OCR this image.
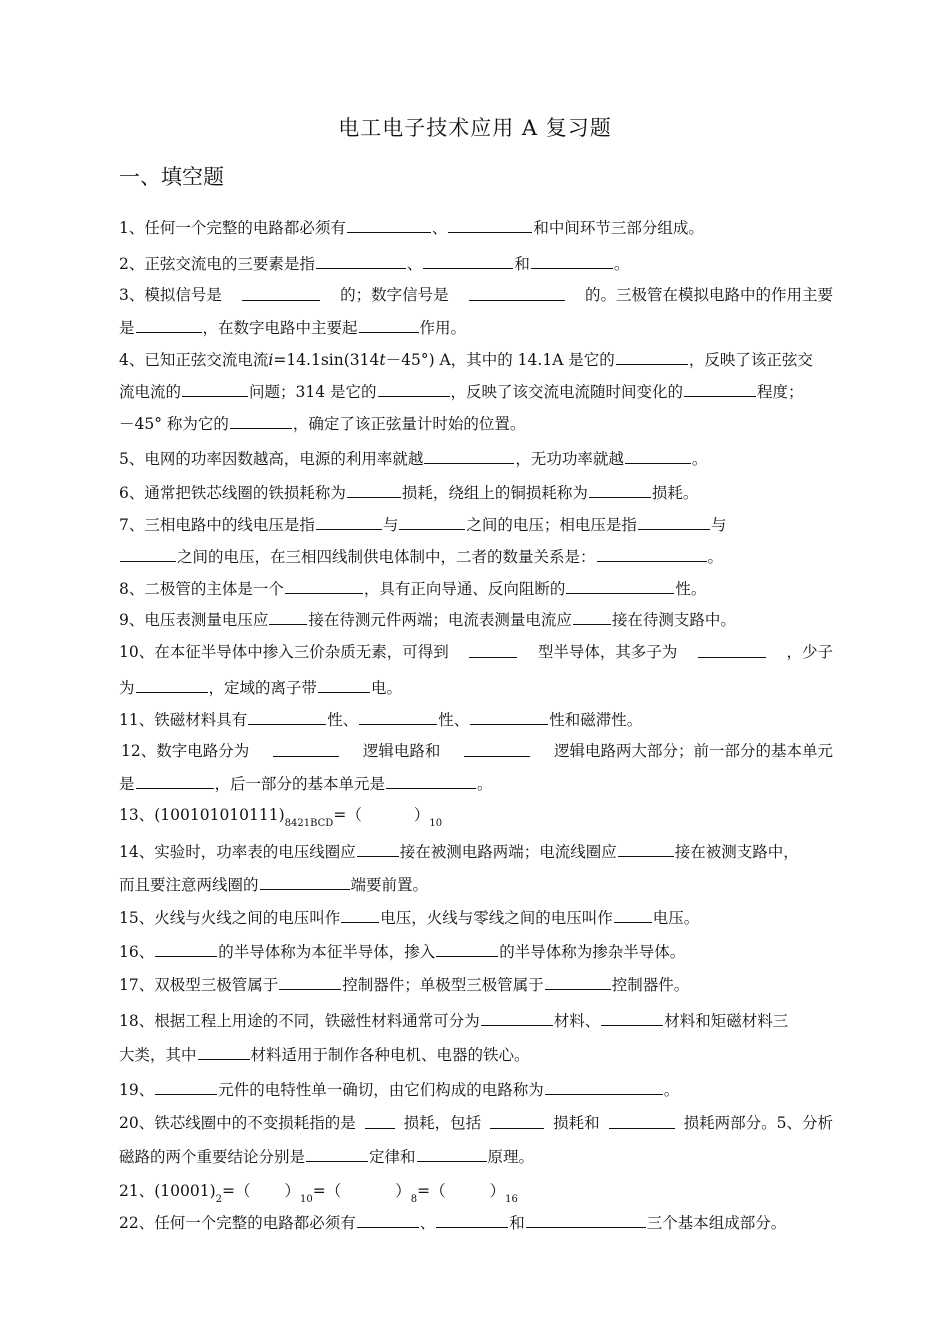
电工电子技术应用 A 复习题
一、填空题
1、任何一个完整的电路都必须有	、	和中间环节三部分组成。
2、正弦交流电的三要素是指	、	和	。
3、模拟信号是	的；数字信号是	的。三极管在模拟电路中的作用主要
是	，在数字电路中主要起	作用。
4、已知正弦交流电流i=14.1sin(314t－45°) A，其中的 14.1A 是它的	，反映了该正弦交
流电流的	问题；314 是它的	，反映了该交流电流随时间变化的	程度；
－45° 称为它的	，确定了该正弦量计时始的位置。
5、电网的功率因数越高，电源的利用率就越	，无功功率就越	。
6、通常把铁芯线圈的铁损耗称为	损耗，绕组上的铜损耗称为	损耗。
7、三相电路中的线电压是指	与	之间的电压；相电压是指	与
之间的电压，在三相四线制供电体制中，二者的数量关系是：	。
8、二极管的主体是一个	，具有正向导通、反向阻断的	性。
9、电压表测量电压应	接在待测元件两端；电流表测量电流应	接在待测支路中。
10、在本征半导体中掺入三价杂质无素，可得到	型半导体，其多子为	，少子
为	，定域的离子带	电。
11、铁磁材料具有	性、	性、	性和磁滞性。
12、数字电路分为	逻辑电路和	逻辑电路两大部分；前一部分的基本单元
是	，后一部分的基本单元是	。
13、$(100101010111)_{8421BCD}=$（	）$_{10}$
14、实验时，功率表的电压线圈应	接在被测电路两端；电流线圈应	接在被测支路中，
而且要注意两线圈的	端要前置。
15、火线与火线之间的电压叫作	电压，火线与零线之间的电压叫作	电压。
16、	的半导体称为本征半导体，掺入	的半导体称为掺杂半导体。
17、双极型三极管属于	控制器件；单极型三极管属于	控制器件。
18、根据工程上用途的不同，铁磁性材料通常可分为	材料、	材料和矩磁材料三
大类，其中	材料适用于制作各种电机、电器的铁心。
19、	元件的电特性单一确切，由它们构成的电路称为	。
20、铁芯线圈中的不变损耗指的是	损耗，包括	损耗和	损耗两部分。5、分析
磁路的两个重要结论分别是	定律和	原理。
21、$(10001)_2=$（ ）$_{10}=$（	）$_8=$（	）$_{16}$
22、任何一个完整的电路都必须有	、	和	三个基本组成部分。
